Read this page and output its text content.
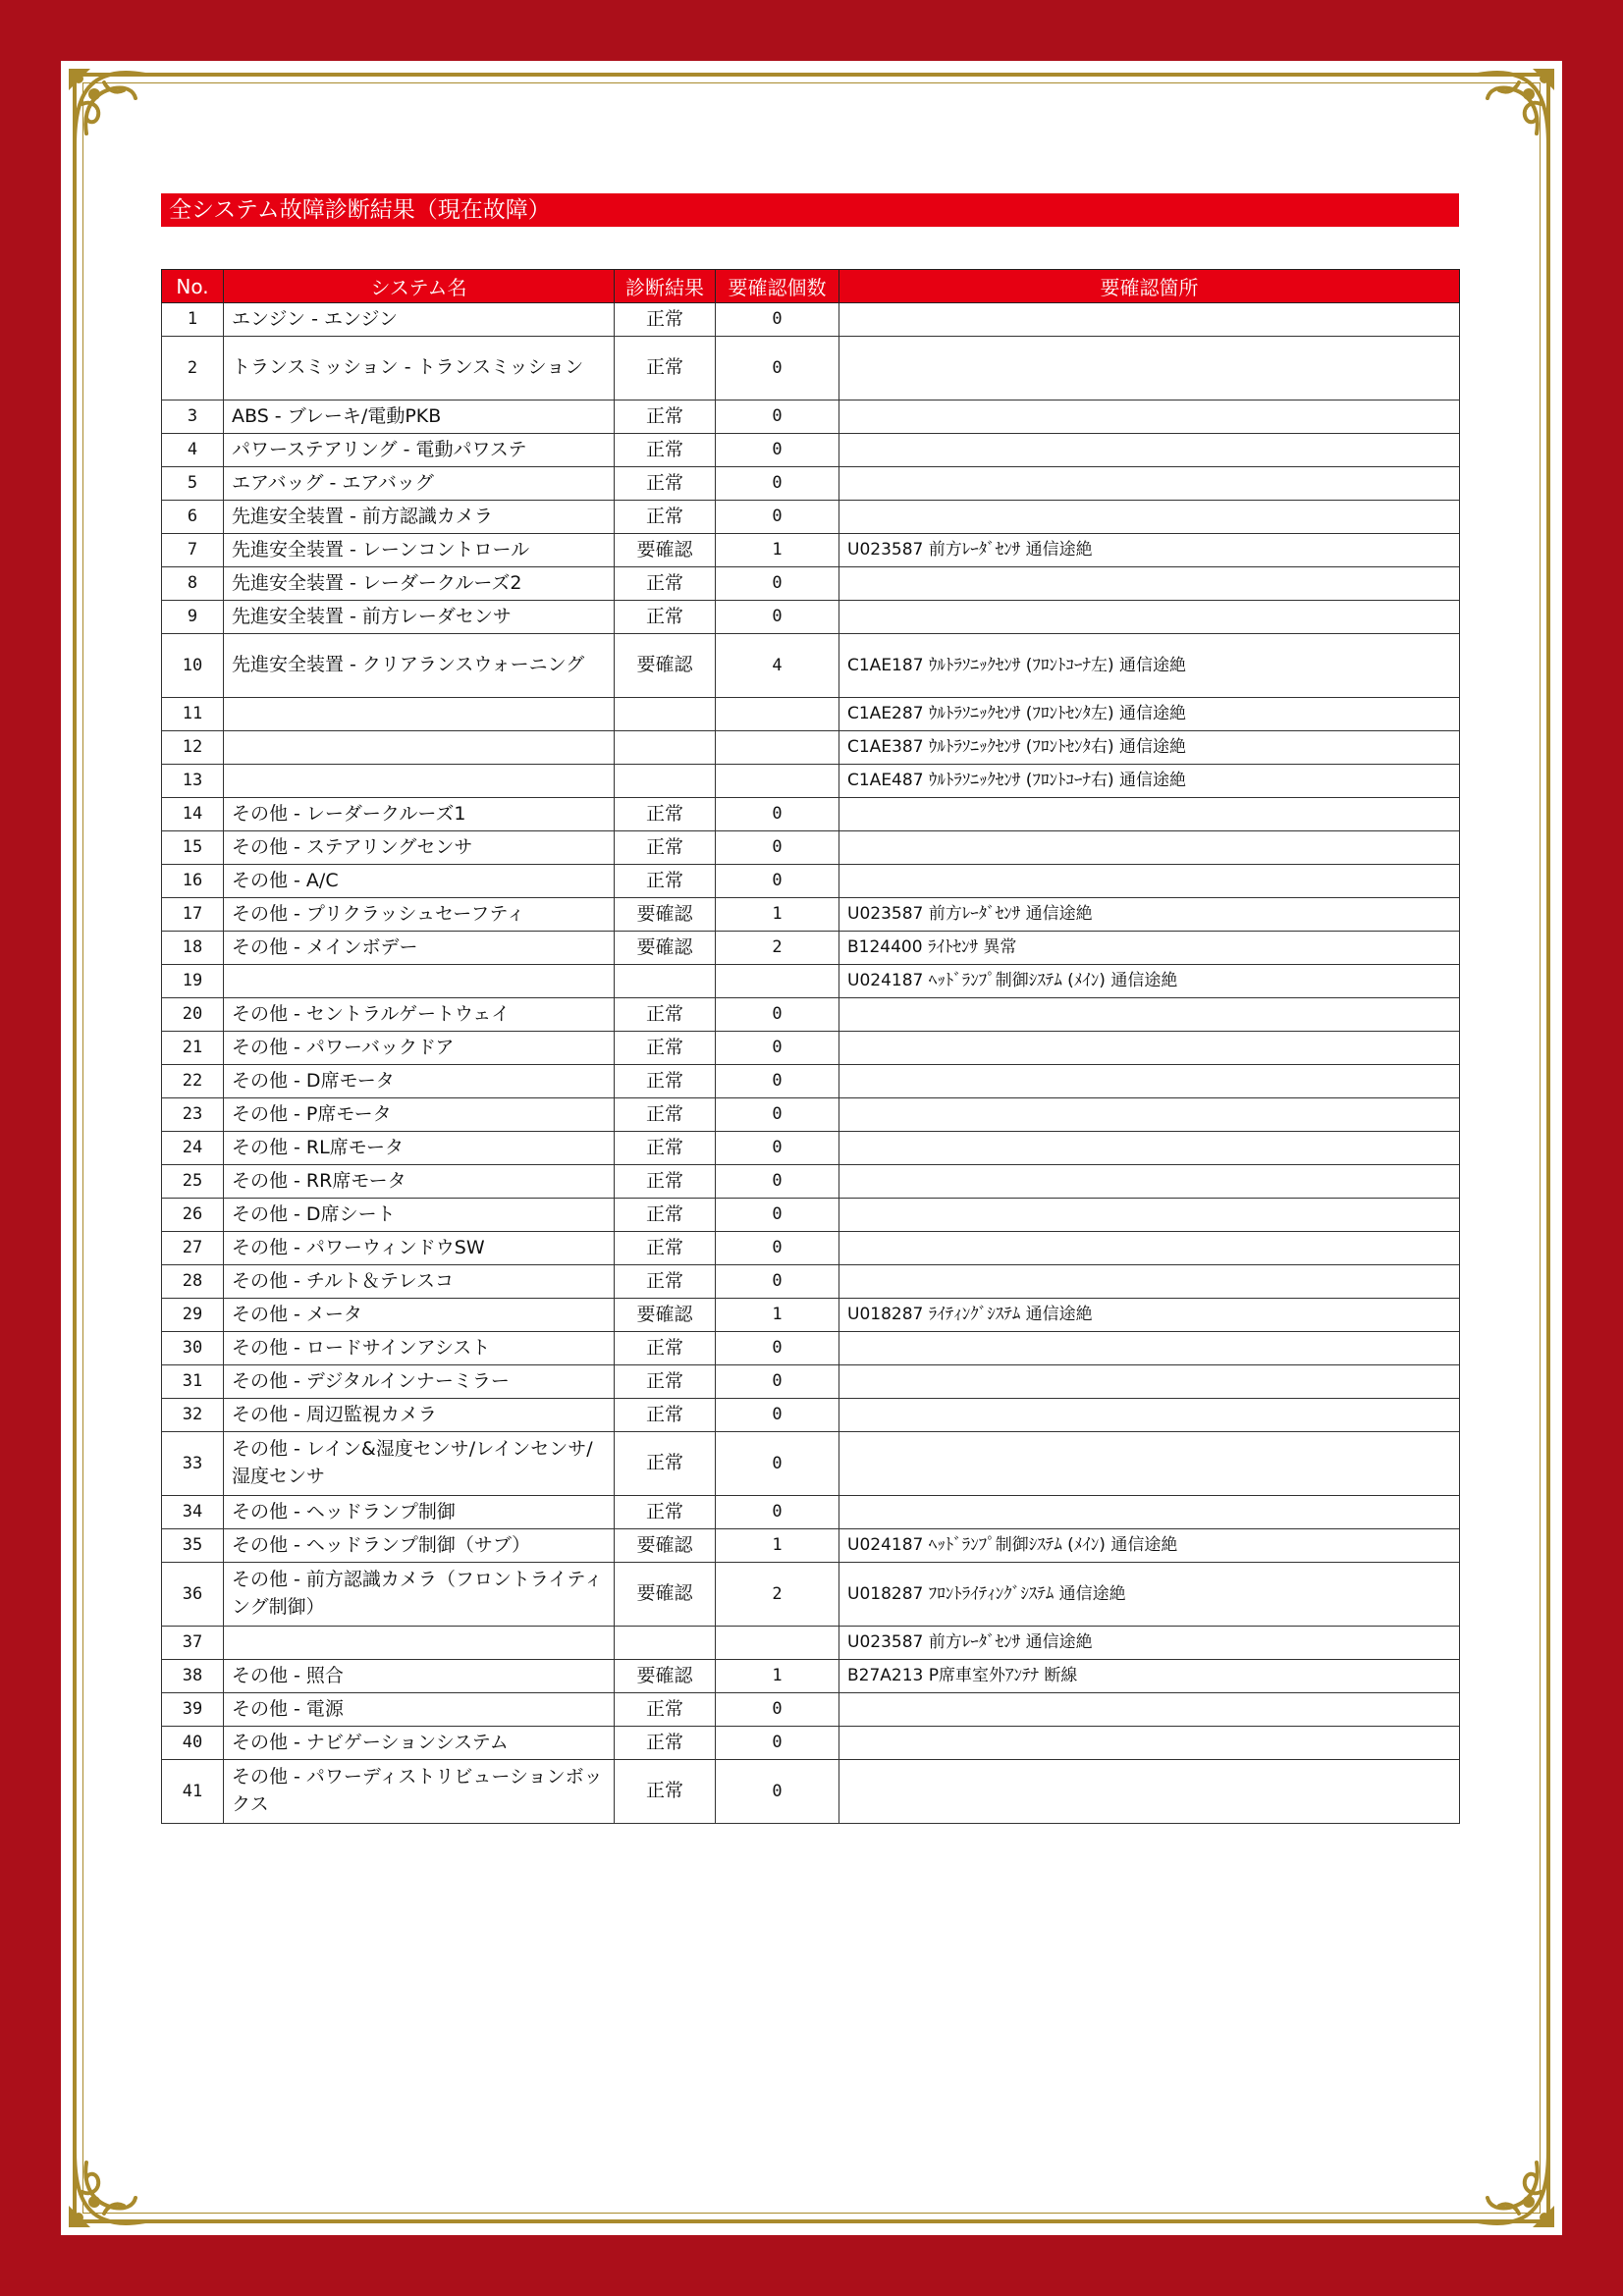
全システム故障診断結果（現在故障）
No.	システム名	診断結果	要確認個数	要確認箇所
1	エンジン - エンジン	正常	0	
2	トランスミッション - トランスミッション	正常	0	
3	ABS - ブレーキ/電動PKB	正常	0	
4	パワーステアリング - 電動パワステ	正常	0	
5	エアバッグ - エアバッグ	正常	0	
6	先進安全装置 - 前方認識カメラ	正常	0	
7	先進安全装置 - レーンコントロール	要確認	1	U023587 前方ﾚｰﾀﾞｾﾝｻ 通信途絶
8	先進安全装置 - レーダークルーズ2	正常	0	
9	先進安全装置 - 前方レーダセンサ	正常	0	
10	先進安全装置 - クリアランスウォーニング	要確認	4	C1AE187 ｳﾙﾄﾗｿﾆｯｸｾﾝｻ (ﾌﾛﾝﾄｺｰﾅ左) 通信途絶
11				C1AE287 ｳﾙﾄﾗｿﾆｯｸｾﾝｻ (ﾌﾛﾝﾄｾﾝﾀ左) 通信途絶
12				C1AE387 ｳﾙﾄﾗｿﾆｯｸｾﾝｻ (ﾌﾛﾝﾄｾﾝﾀ右) 通信途絶
13				C1AE487 ｳﾙﾄﾗｿﾆｯｸｾﾝｻ (ﾌﾛﾝﾄｺｰﾅ右) 通信途絶
14	その他 - レーダークルーズ1	正常	0	
15	その他 - ステアリングセンサ	正常	0	
16	その他 - A/C	正常	0	
17	その他 - プリクラッシュセーフティ	要確認	1	U023587 前方ﾚｰﾀﾞｾﾝｻ 通信途絶
18	その他 - メインボデー	要確認	2	B124400 ﾗｲﾄｾﾝｻ 異常
19				U024187 ﾍｯﾄﾞﾗﾝﾌﾟ制御ｼｽﾃﾑ (ﾒｲﾝ) 通信途絶
20	その他 - セントラルゲートウェイ	正常	0	
21	その他 - パワーバックドア	正常	0	
22	その他 - D席モータ	正常	0	
23	その他 - P席モータ	正常	0	
24	その他 - RL席モータ	正常	0	
25	その他 - RR席モータ	正常	0	
26	その他 - D席シート	正常	0	
27	その他 - パワーウィンドウSW	正常	0	
28	その他 - チルト＆テレスコ	正常	0	
29	その他 - メータ	要確認	1	U018287 ﾗｲﾃｨﾝｸﾞｼｽﾃﾑ 通信途絶
30	その他 - ロードサインアシスト	正常	0	
31	その他 - デジタルインナーミラー	正常	0	
32	その他 - 周辺監視カメラ	正常	0	
33	その他 - レイン&湿度センサ/レインセンサ/湿度センサ	正常	0	
34	その他 - ヘッドランプ制御	正常	0	
35	その他 - ヘッドランプ制御（サブ）	要確認	1	U024187 ﾍｯﾄﾞﾗﾝﾌﾟ制御ｼｽﾃﾑ (ﾒｲﾝ) 通信途絶
36	その他 - 前方認識カメラ（フロントライティング制御）	要確認	2	U018287 ﾌﾛﾝﾄﾗｲﾃｨﾝｸﾞｼｽﾃﾑ 通信途絶
37				U023587 前方ﾚｰﾀﾞｾﾝｻ 通信途絶
38	その他 - 照合	要確認	1	B27A213 P席車室外ｱﾝﾃﾅ 断線
39	その他 - 電源	正常	0	
40	その他 - ナビゲーションシステム	正常	0	
41	その他 - パワーディストリビューションボックス	正常	0	
